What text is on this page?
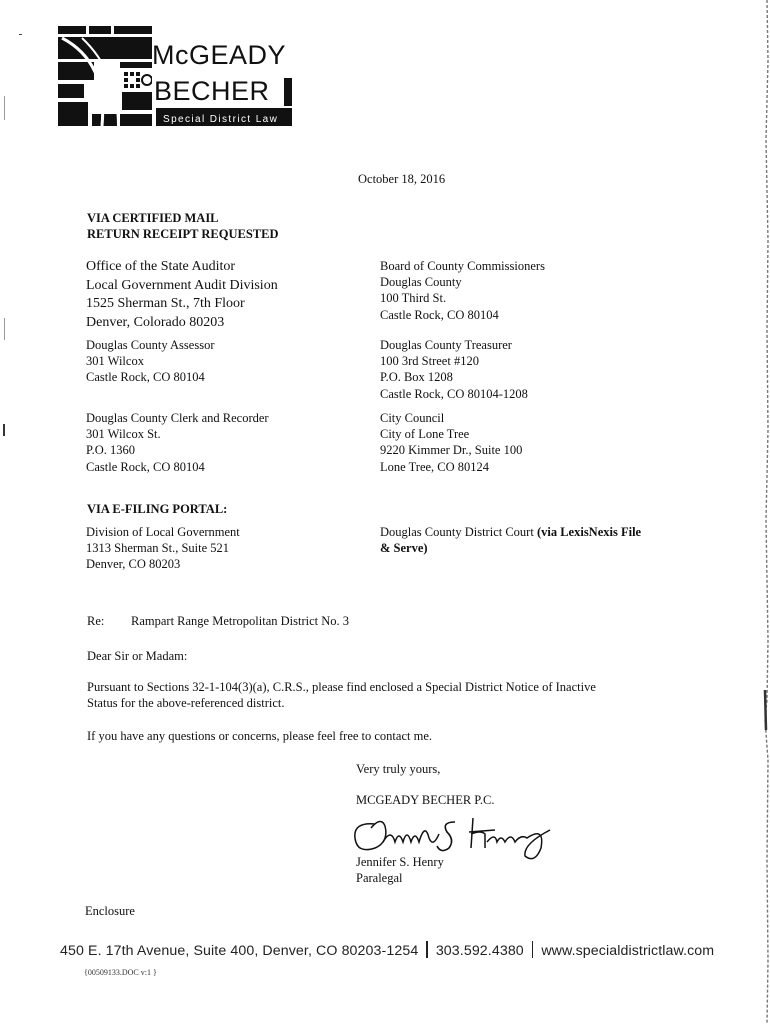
McGEADY
BECHER
Special District Law
October 18, 2016
VIA CERTIFIED MAIL
RETURN RECEIPT REQUESTED
Office of the State Auditor
Local Government Audit Division
1525 Sherman St., 7th Floor
Denver, Colorado 80203
Board of County Commissioners
Douglas County
100 Third St.
Castle Rock, CO 80104
Douglas County Assessor
301 Wilcox
Castle Rock, CO 80104
Douglas County Treasurer
100 3rd Street #120
P.O. Box 1208
Castle Rock, CO 80104-1208
Douglas County Clerk and Recorder
301 Wilcox St.
P.O. 1360
Castle Rock, CO 80104
City Council
City of Lone Tree
9220 Kimmer Dr., Suite 100
Lone Tree, CO 80124
VIA E-FILING PORTAL:
Division of Local Government
1313 Sherman St., Suite 521
Denver, CO 80203
Douglas County District Court (via LexisNexis File
& Serve)
Re: Rampart Range Metropolitan District No. 3
Dear Sir or Madam:
Pursuant to Sections 32-1-104(3)(a), C.R.S., please find enclosed a Special District Notice of Inactive
Status for the above-referenced district.
If you have any questions or concerns, please feel free to contact me.
Very truly yours,
MCGEADY BECHER P.C.
Jennifer S. Henry
Paralegal
Enclosure
450 E. 17th Avenue, Suite 400, Denver, CO 80203-1254 303.592.4380 www.specialdistrictlaw.com
{00509133.DOC v:1 }
